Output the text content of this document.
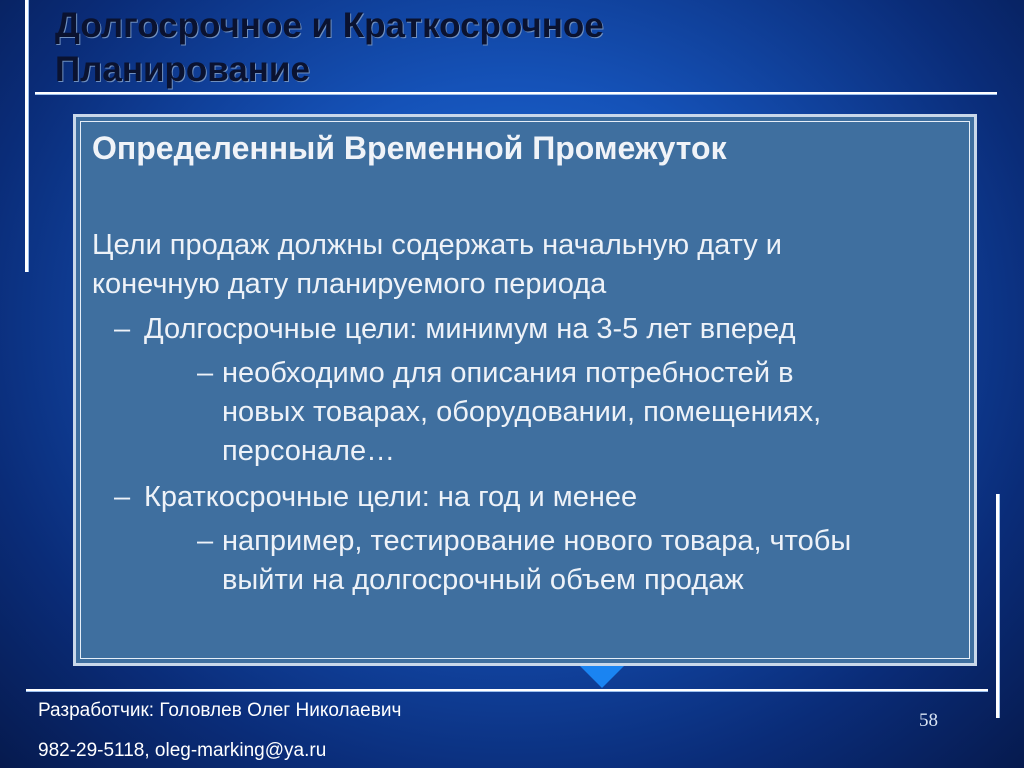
Долгосрочное и Краткосрочное
Планирование
Определенный Временной Промежуток
Цели продаж должны содержать начальную дату и
конечную дату планируемого периода
– Долгосрочные цели: минимум на 3-5 лет вперед
– необходимо для описания потребностей в
новых товарах, оборудовании, помещениях,
персонале…
– Краткосрочные цели: на год и менее
– например, тестирование нового товара, чтобы
выйти на долгосрочный объем продаж
Разработчик: Головлев Олег Николаевич
982-29-5118, oleg-marking@ya.ru
58
